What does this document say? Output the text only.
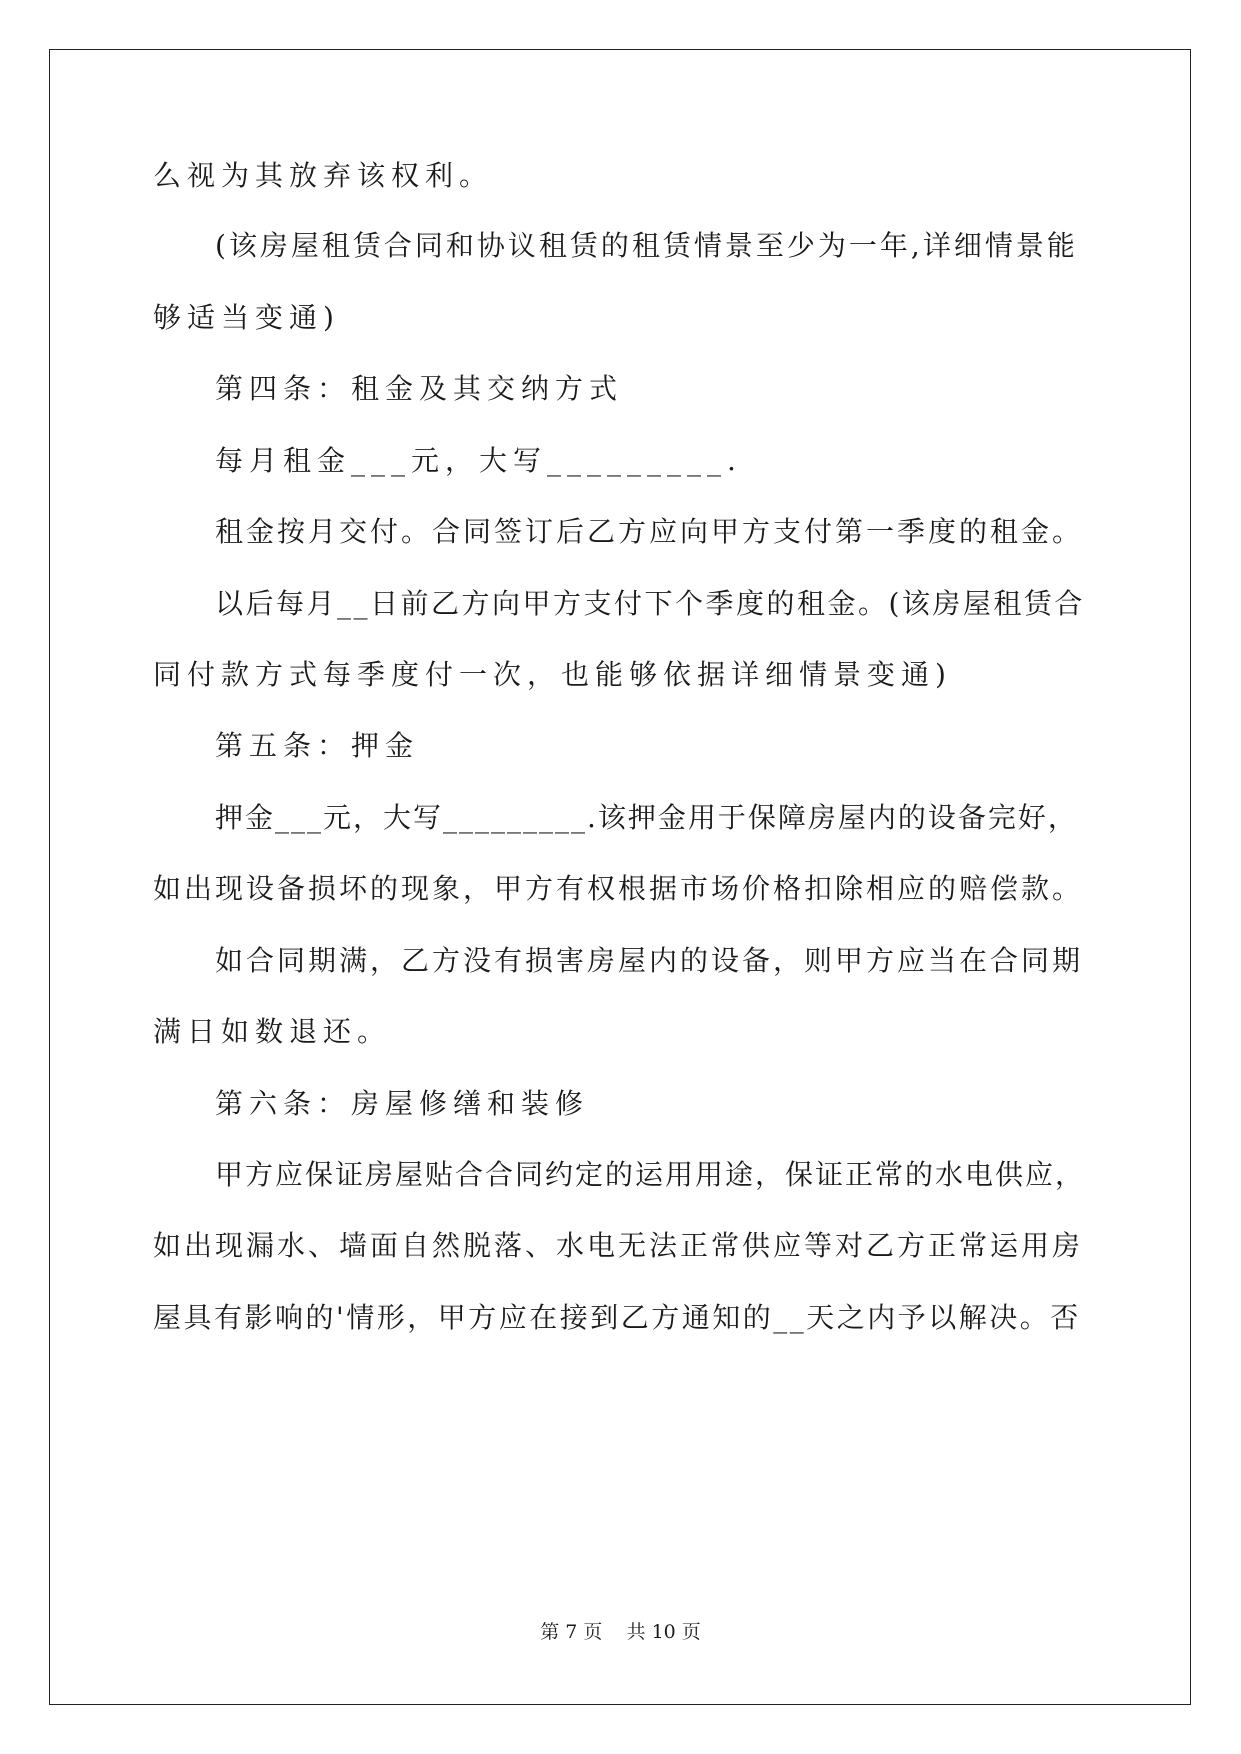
么视为其放弃该权利。
(该房屋租赁合同和协议租赁的租赁情景至少为一年,详细情景能
够适当变通)
第四条：租金及其交纳方式
每月租金___元，大写_________.
租金按月交付。合同签订后乙方应向甲方支付第一季度的租金。
以后每月__日前乙方向甲方支付下个季度的租金。(该房屋租赁合
同付款方式每季度付一次，也能够依据详细情景变通)
第五条：押金
押金___元，大写_________.该押金用于保障房屋内的设备完好，
如出现设备损坏的现象，甲方有权根据市场价格扣除相应的赔偿款。
如合同期满，乙方没有损害房屋内的设备，则甲方应当在合同期
满日如数退还。
第六条：房屋修缮和装修
甲方应保证房屋贴合合同约定的运用用途，保证正常的水电供应，
如出现漏水、墙面自然脱落、水电无法正常供应等对乙方正常运用房
屋具有影响的'情形，甲方应在接到乙方通知的__天之内予以解决。否
第 7 页    共 10 页
